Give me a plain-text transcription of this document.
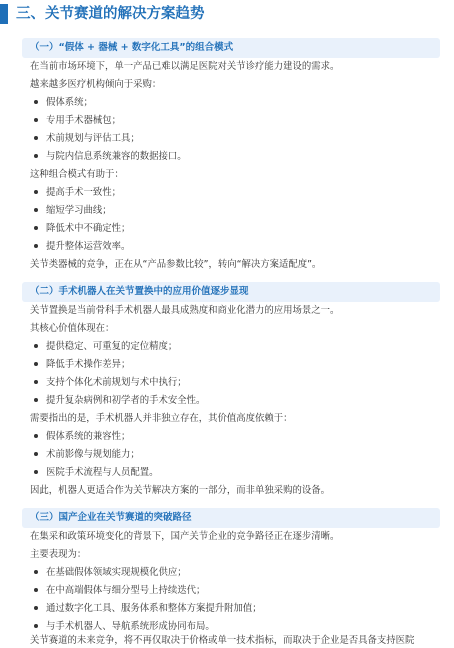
三、关节赛道的解决方案趋势
（一）“假体 + 器械 + 数字化工具”的组合模式
在当前市场环境下，单一产品已难以满足医院对关节诊疗能力建设的需求。
越来越多医疗机构倾向于采购：
假体系统；
专用手术器械包；
术前规划与评估工具；
与院内信息系统兼容的数据接口。
这种组合模式有助于：
提高手术一致性；
缩短学习曲线；
降低术中不确定性；
提升整体运营效率。
关节类器械的竞争，正在从“产品参数比较”，转向“解决方案适配度”。
（二）手术机器人在关节置换中的应用价值逐步显现
关节置换是当前骨科手术机器人最具成熟度和商业化潜力的应用场景之一。
其核心价值体现在：
提供稳定、可重复的定位精度；
降低手术操作差异；
支持个体化术前规划与术中执行；
提升复杂病例和初学者的手术安全性。
需要指出的是，手术机器人并非独立存在，其价值高度依赖于：
假体系统的兼容性；
术前影像与规划能力；
医院手术流程与人员配置。
因此，机器人更适合作为关节解决方案的一部分，而非单独采购的设备。
（三）国产企业在关节赛道的突破路径
在集采和政策环境变化的背景下，国产关节企业的竞争路径正在逐步清晰。
主要表现为：
在基础假体领域实现规模化供应；
在中高端假体与细分型号上持续迭代；
通过数字化工具、服务体系和整体方案提升附加值；
与手术机器人、导航系统形成协同布局。
关节赛道的未来竞争，将不再仅取决于价格或单一技术指标，而取决于企业是否具备支持医院
